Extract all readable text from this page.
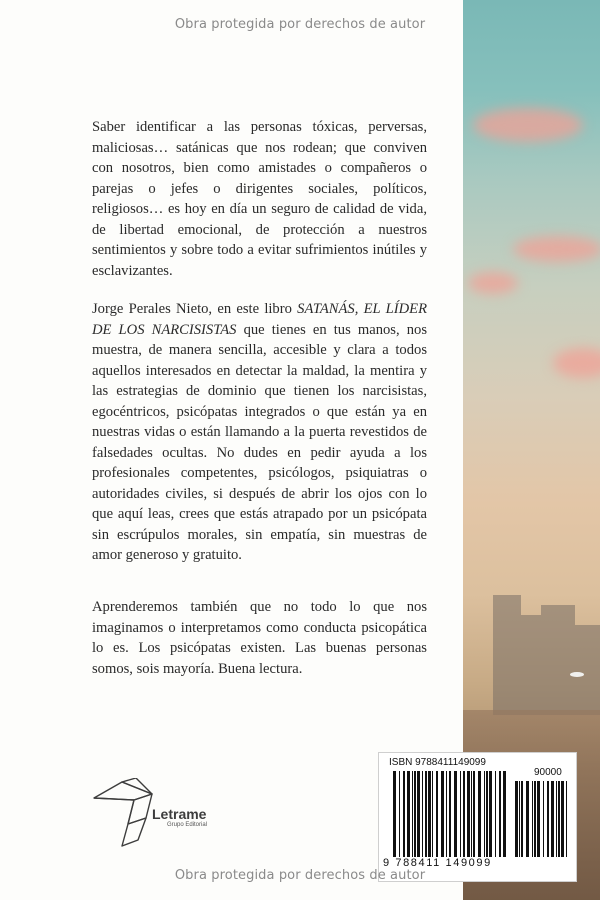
Obra protegida por derechos de autor

Saber identificar a las personas tóxicas, perversas, maliciosas… satánicas que nos rodean; que conviven con nosotros, bien como amistades o compañeros o parejas o jefes o dirigentes sociales, políticos, religiosos… es hoy en día un seguro de calidad de vida, de libertad emocional, de protección a nuestros sentimientos y sobre todo a evitar sufrimientos inútiles y esclavizantes.

Jorge Perales Nieto, en este libro SATANÁS, EL LÍDER DE LOS NARCISISTAS que tienes en tus manos, nos muestra, de manera sencilla, accesible y clara a todos aquellos interesados en detectar la maldad, la mentira y las estrategias de dominio que tienen los narcisistas, egocéntricos, psicópatas integrados o que están ya en nuestras vidas o están llamando a la puerta revestidos de falsedades ocultas. No dudes en pedir ayuda a los profesionales competentes, psicólogos, psiquiatras o autoridades civiles, si después de abrir los ojos con lo que aquí leas, crees que estás atrapado por un psicópata sin escrúpulos morales, sin empatía, sin muestras de amor generoso y gratuito.

Aprenderemos también que no todo lo que nos imaginamos o interpretamos como conducta psicopática lo es. Los psicópatas existen. Las buenas personas somos, sois mayoría. Buena lectura.

Letrame
Grupo Editorial
ISBN 9788411149099
90000
9 788411 149099
Obra protegida por derechos de autor
